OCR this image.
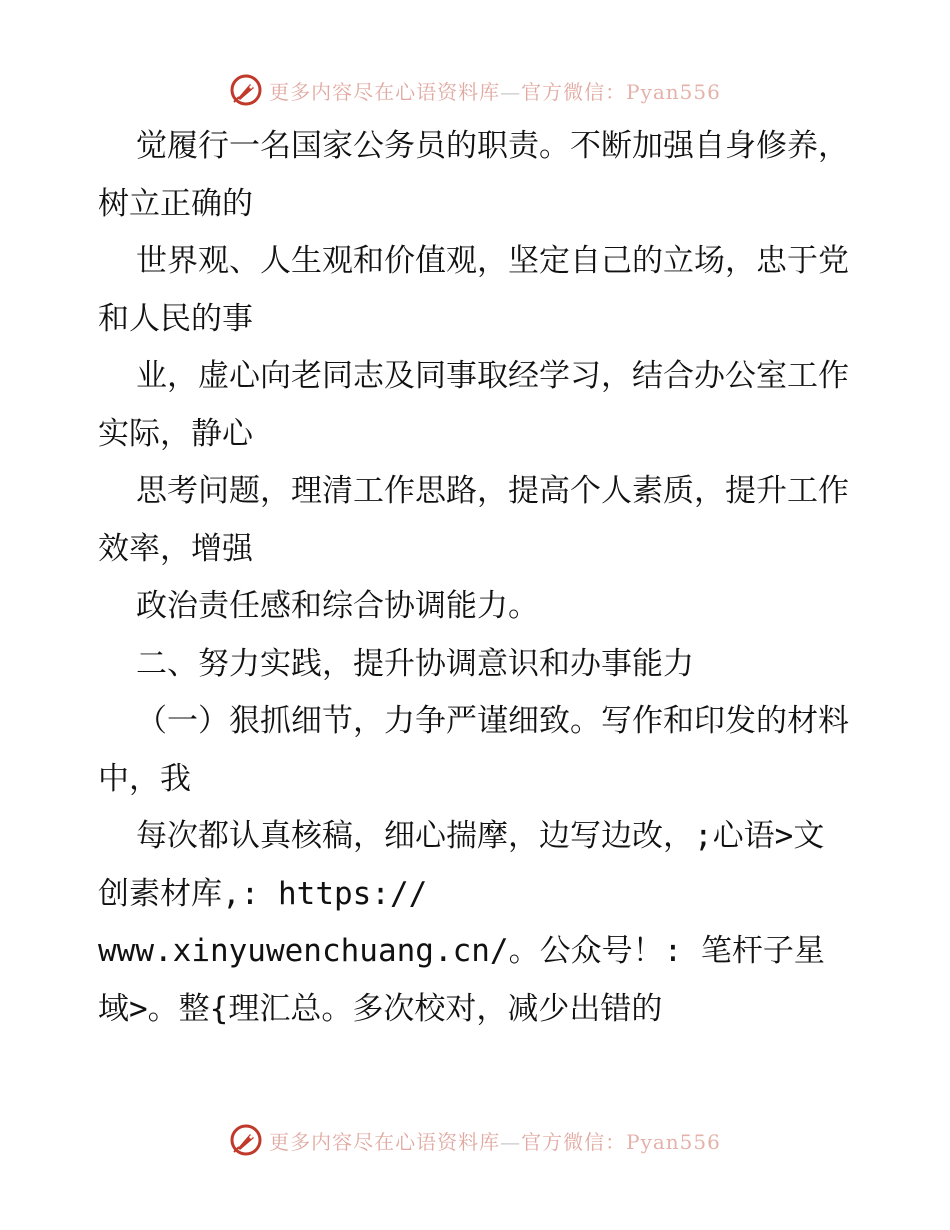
更多内容尽在心语资料库—官方微信：Pyan556

觉履行一名国家公务员的职责。不断加强自身修养，树立正确的

世界观、人生观和价值观，坚定自己的立场，忠于党和人民的事

业，虚心向老同志及同事取经学习，结合办公室工作实际，静心

思考问题，理清工作思路，提高个人素质，提升工作效率，增强

政治责任感和综合协调能力。

二、努力实践，提升协调意识和办事能力

（一）狠抓细节，力争严谨细致。写作和印发的材料中，我

每次都认真核稿，细心揣摩，边写边改，;心语>文创素材库,: https://

www.xinyuwenchuang.cn/。公众号！: 笔杆子星域>。整{理汇总。多次校对，减少出错的

更多内容尽在心语资料库—官方微信：Pyan556
